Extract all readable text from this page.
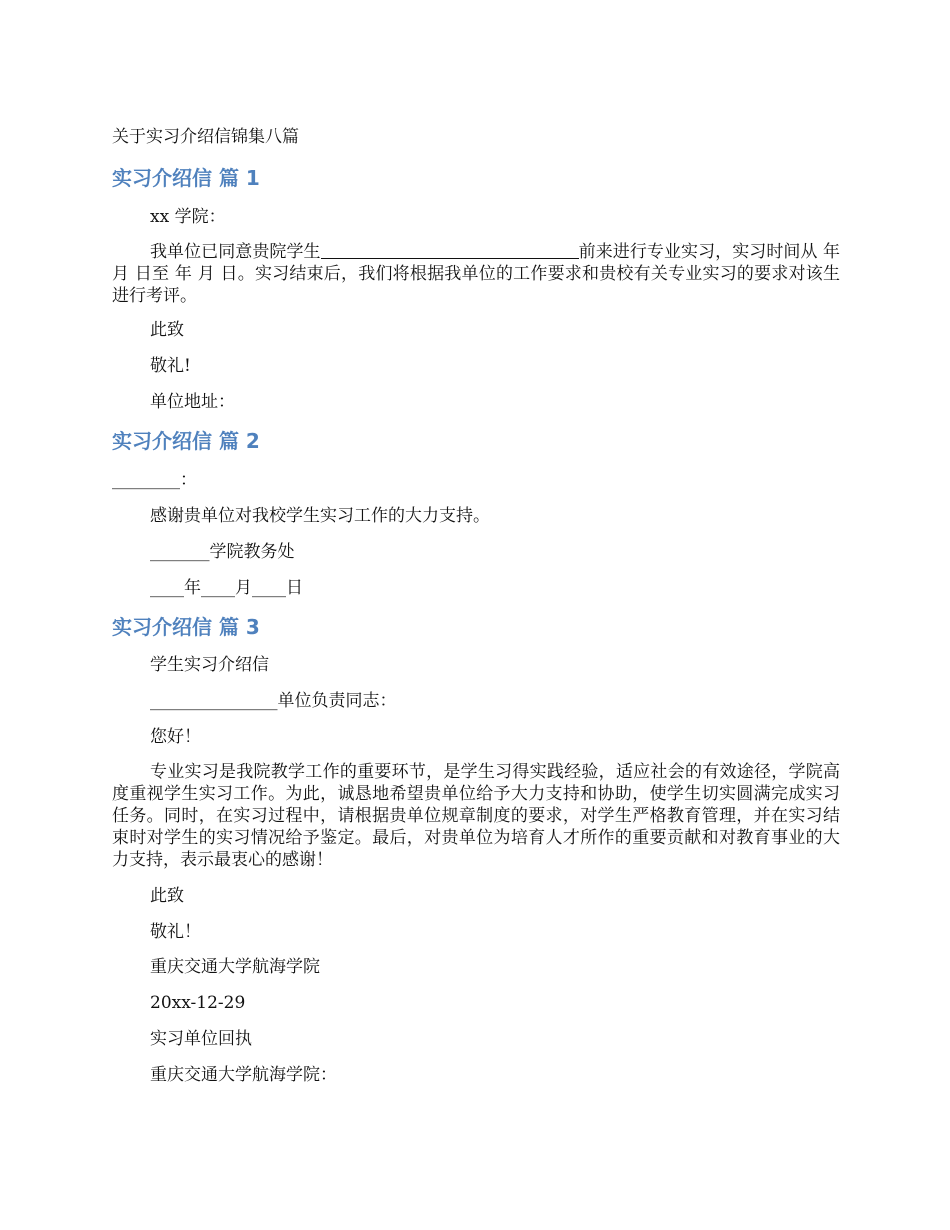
关于实习介绍信锦集八篇
实习介绍信 篇 1
xx 学院：
我单位已同意贵院学生	前来进行专业实习，实习时间从 年 月 日至 年 月 日。实习结束后，我们将根据我单位的工作要求和贵校有关专业实习的要求对该生进行考评。
此致
敬礼!
单位地址：
实习介绍信 篇 2
________：
感谢贵单位对我校学生实习工作的大力支持。
_______学院教务处
____年____月____日
实习介绍信 篇 3
学生实习介绍信
_______________单位负责同志：
您好！
专业实习是我院教学工作的重要环节，是学生习得实践经验，适应社会的有效途径，学院高度重视学生实习工作。为此，诚恳地希望贵单位给予大力支持和协助，使学生切实圆满完成实习任务。同时，在实习过程中，请根据贵单位规章制度的要求，对学生严格教育管理，并在实习结束时对学生的实习情况给予鉴定。最后，对贵单位为培育人才所作的重要贡献和对教育事业的大力支持，表示最衷心的感谢！
此致
敬礼！
重庆交通大学航海学院
20xx-12-29
实习单位回执
重庆交通大学航海学院：
